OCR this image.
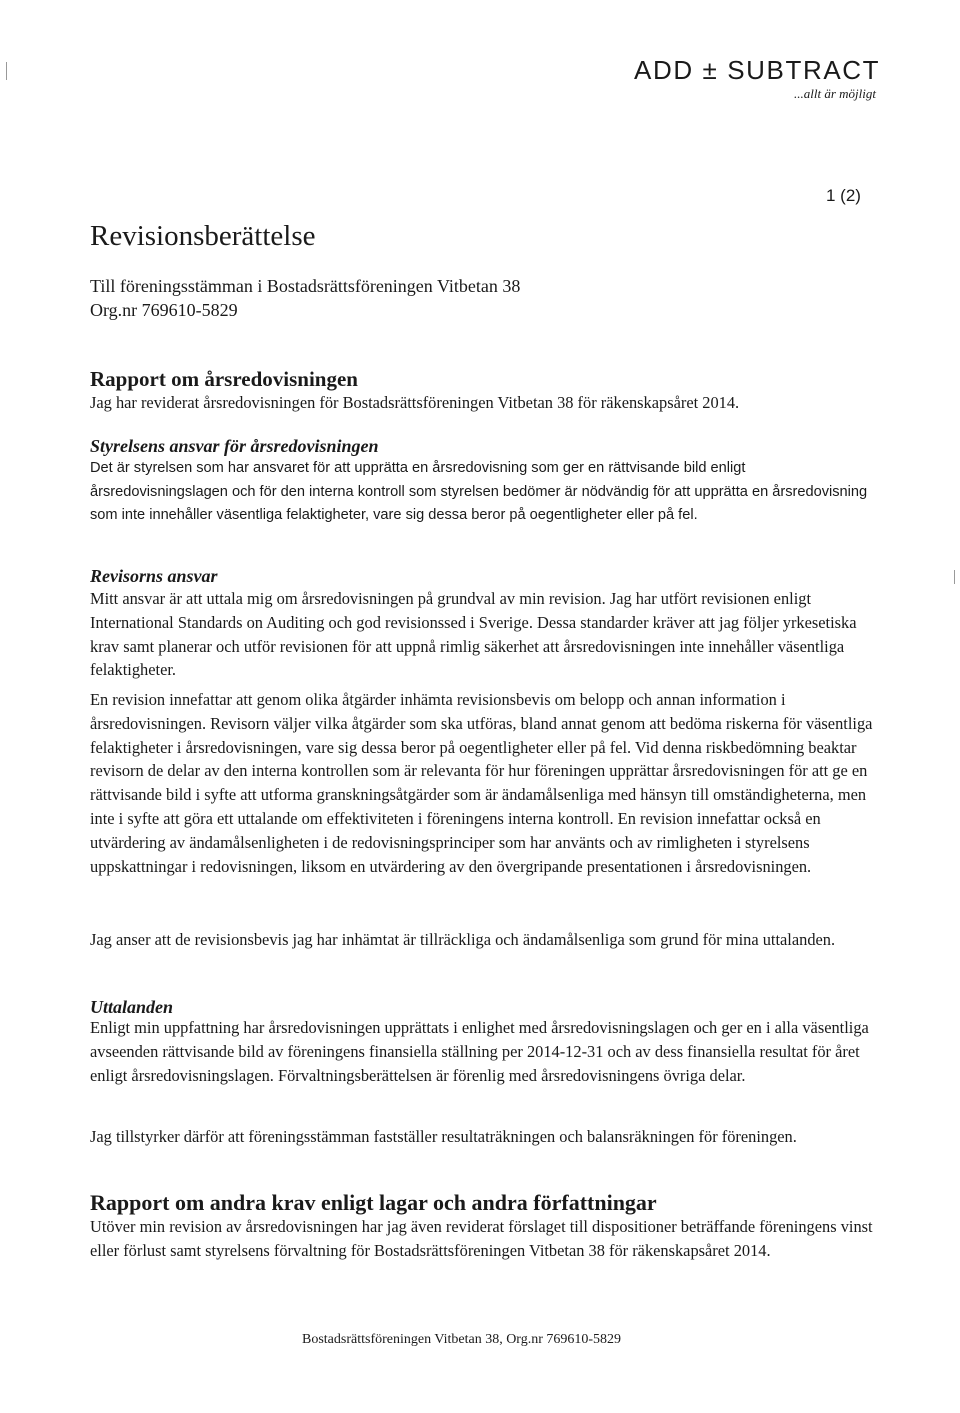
ADD ± SUBTRACT
...allt är möjligt
1 (2)
Revisionsberättelse
Till föreningsstämman i Bostadsrättsföreningen Vitbetan 38
Org.nr 769610-5829
Rapport om årsredovisningen

Jag har reviderat årsredovisningen för Bostadsrättsföreningen Vitbetan 38 för räkenskapsåret 2014.

Styrelsens ansvar för årsredovisningen

Det är styrelsen som har ansvaret för att upprätta en årsredovisning som ger en rättvisande bild enligt årsredovisningslagen och för den interna kontroll som styrelsen bedömer är nödvändig för att upprätta en årsredovisning som inte innehåller väsentliga felaktigheter, vare sig dessa beror på oegentligheter eller på fel.

Revisorns ansvar

Mitt ansvar är att uttala mig om årsredovisningen på grundval av min revision. Jag har utfört revisionen enligt International Standards on Auditing och god revisionssed i Sverige. Dessa standarder kräver att jag följer yrkesetiska krav samt planerar och utför revisionen för att uppnå rimlig säkerhet att årsredovisningen inte innehåller väsentliga felaktigheter.

En revision innefattar att genom olika åtgärder inhämta revisionsbevis om belopp och annan information i årsredovisningen. Revisorn väljer vilka åtgärder som ska utföras, bland annat genom att bedöma riskerna för väsentliga felaktigheter i årsredovisningen, vare sig dessa beror på oegentligheter eller på fel. Vid denna riskbedömning beaktar revisorn de delar av den interna kontrollen som är relevanta för hur föreningen upprättar årsredovisningen för att ge en rättvisande bild i syfte att utforma granskningsåtgärder som är ändamålsenliga med hänsyn till omständigheterna, men inte i syfte att göra ett uttalande om effektiviteten i föreningens interna kontroll. En revision innefattar också en utvärdering av ändamålsenligheten i de redovisningsprinciper som har använts och av rimligheten i styrelsens uppskattningar i redovisningen, liksom en utvärdering av den övergripande presentationen i årsredovisningen.

Jag anser att de revisionsbevis jag har inhämtat är tillräckliga och ändamålsenliga som grund för mina uttalanden.

Uttalanden

Enligt min uppfattning har årsredovisningen upprättats i enlighet med årsredovisningslagen och ger en i alla väsentliga avseenden rättvisande bild av föreningens finansiella ställning per 2014-12-31 och av dess finansiella resultat för året enligt årsredovisningslagen. Förvaltningsberättelsen är förenlig med årsredovisningens övriga delar.

Jag tillstyrker därför att föreningsstämman fastställer resultaträkningen och balansräkningen för föreningen.

Rapport om andra krav enligt lagar och andra författningar

Utöver min revision av årsredovisningen har jag även reviderat förslaget till dispositioner beträffande föreningens vinst eller förlust samt styrelsens förvaltning för Bostadsrättsföreningen Vitbetan 38 för räkenskapsåret 2014.

Bostadsrättsföreningen Vitbetan 38, Org.nr 769610-5829
